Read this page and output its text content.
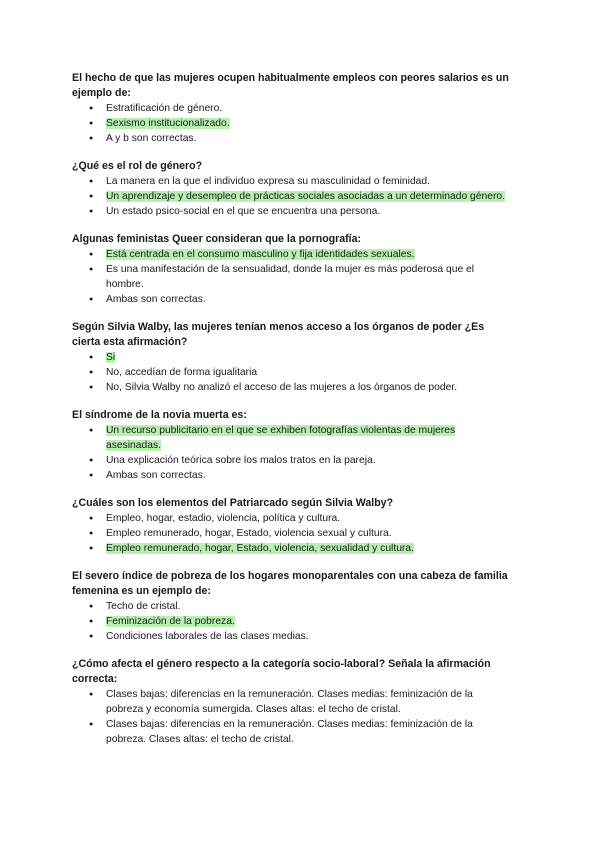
El hecho de que las mujeres ocupen habitualmente empleos con peores salarios es un ejemplo de:

● Estratificación de género.
● Sexismo institucionalizado.
● A y b son correctas.

¿Qué es el rol de género?

● La manera en la que el individuo expresa su masculinidad o feminidad.
● Un aprendizaje y desempleo de prácticas sociales asociadas a un determinado género.
● Un estado psico-social en el que se encuentra una persona.

Algunas feministas Queer consideran que la pornografía:

● Está centrada en el consumo masculino y fija identidades sexuales.
● Es una manifestación de la sensualidad, donde la mujer es más poderosa que el hombre.
● Ambas son correctas.

Según Silvia Walby, las mujeres tenían menos acceso a los órganos de poder ¿Es cierta esta afirmación?

● Si
● No, accedían de forma igualitaria
● No, Silvia Walby no analizó el acceso de las mujeres a los órganos de poder.

El síndrome de la novia muerta es:

● Un recurso publicitario en el que se exhiben fotografías violentas de mujeres asesinadas.
● Una explicación teórica sobre los malos tratos en la pareja.
● Ambas son correctas.

¿Cuáles son los elementos del Patriarcado según Silvia Walby?

● Empleo, hogar, estadio, violencia, política y cultura.
● Empleo remunerado, hogar, Estado, violencia sexual y cultura.
● Empleo remunerado, hogar, Estado, violencia, sexualidad y cultura.

El severo índice de pobreza de los hogares monoparentales con una cabeza de familia femenina es un ejemplo de:

● Techo de cristal.
● Feminización de la pobreza.
● Condiciones laborales de las clases medias.

¿Cómo afecta el género respecto a la categoría socio-laboral? Señala la afirmación correcta:

● Clases bajas: diferencias en la remuneración. Clases medias: feminización de la pobreza y economía sumergida. Clases altas: el techo de cristal.
● Clases bajas: diferencias en la remuneración. Clases medias: feminización de la pobreza. Clases altas: el techo de cristal.
